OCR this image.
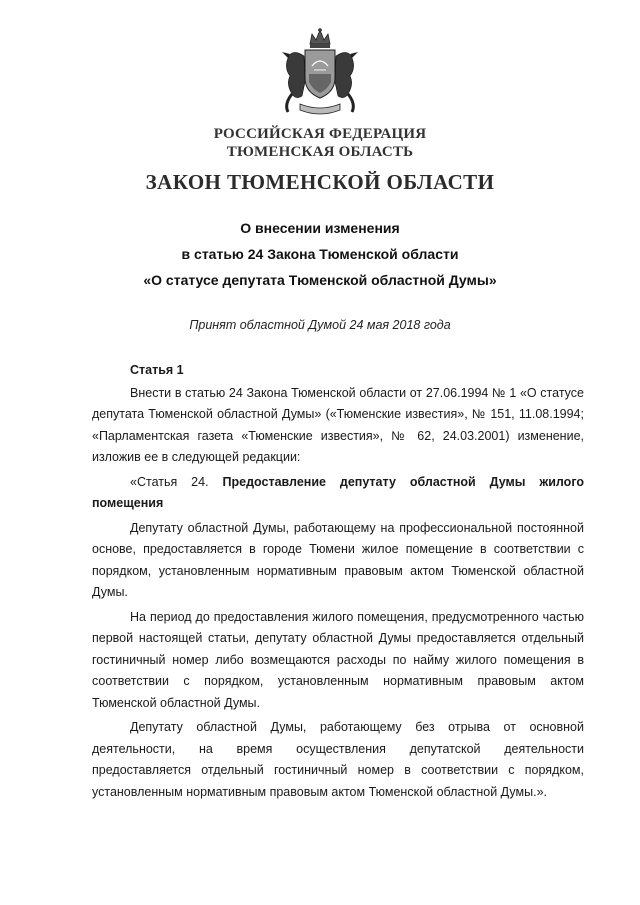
РОССИЙСКАЯ ФЕДЕРАЦИЯ
ТЮМЕНСКАЯ ОБЛАСТЬ
ЗАКОН ТЮМЕНСКОЙ ОБЛАСТИ
О внесении изменения
в статью 24 Закона Тюменской области
«О статусе депутата Тюменской областной Думы»
Принят областной Думой 24 мая 2018 года

Статья 1

Внести в статью 24 Закона Тюменской области от 27.06.1994 № 1 «О статусе депутата Тюменской областной Думы» («Тюменские известия», № 151, 11.08.1994; «Парламентская газета «Тюменские известия», № 62, 24.03.2001) изменение, изложив ее в следующей редакции:

«Статья 24. Предоставление депутату областной Думы жилого помещения

Депутату областной Думы, работающему на профессиональной постоянной основе, предоставляется в городе Тюмени жилое помещение в соответствии с порядком, установленным нормативным правовым актом Тюменской областной Думы.

На период до предоставления жилого помещения, предусмотренного частью первой настоящей статьи, депутату областной Думы предоставляется отдельный гостиничный номер либо возмещаются расходы по найму жилого помещения в соответствии с порядком, установленным нормативным правовым актом Тюменской областной Думы.

Депутату областной Думы, работающему без отрыва от основной деятельности, на время осуществления депутатской деятельности предоставляется отдельный гостиничный номер в соответствии с порядком, установленным нормативным правовым актом Тюменской областной Думы.».
